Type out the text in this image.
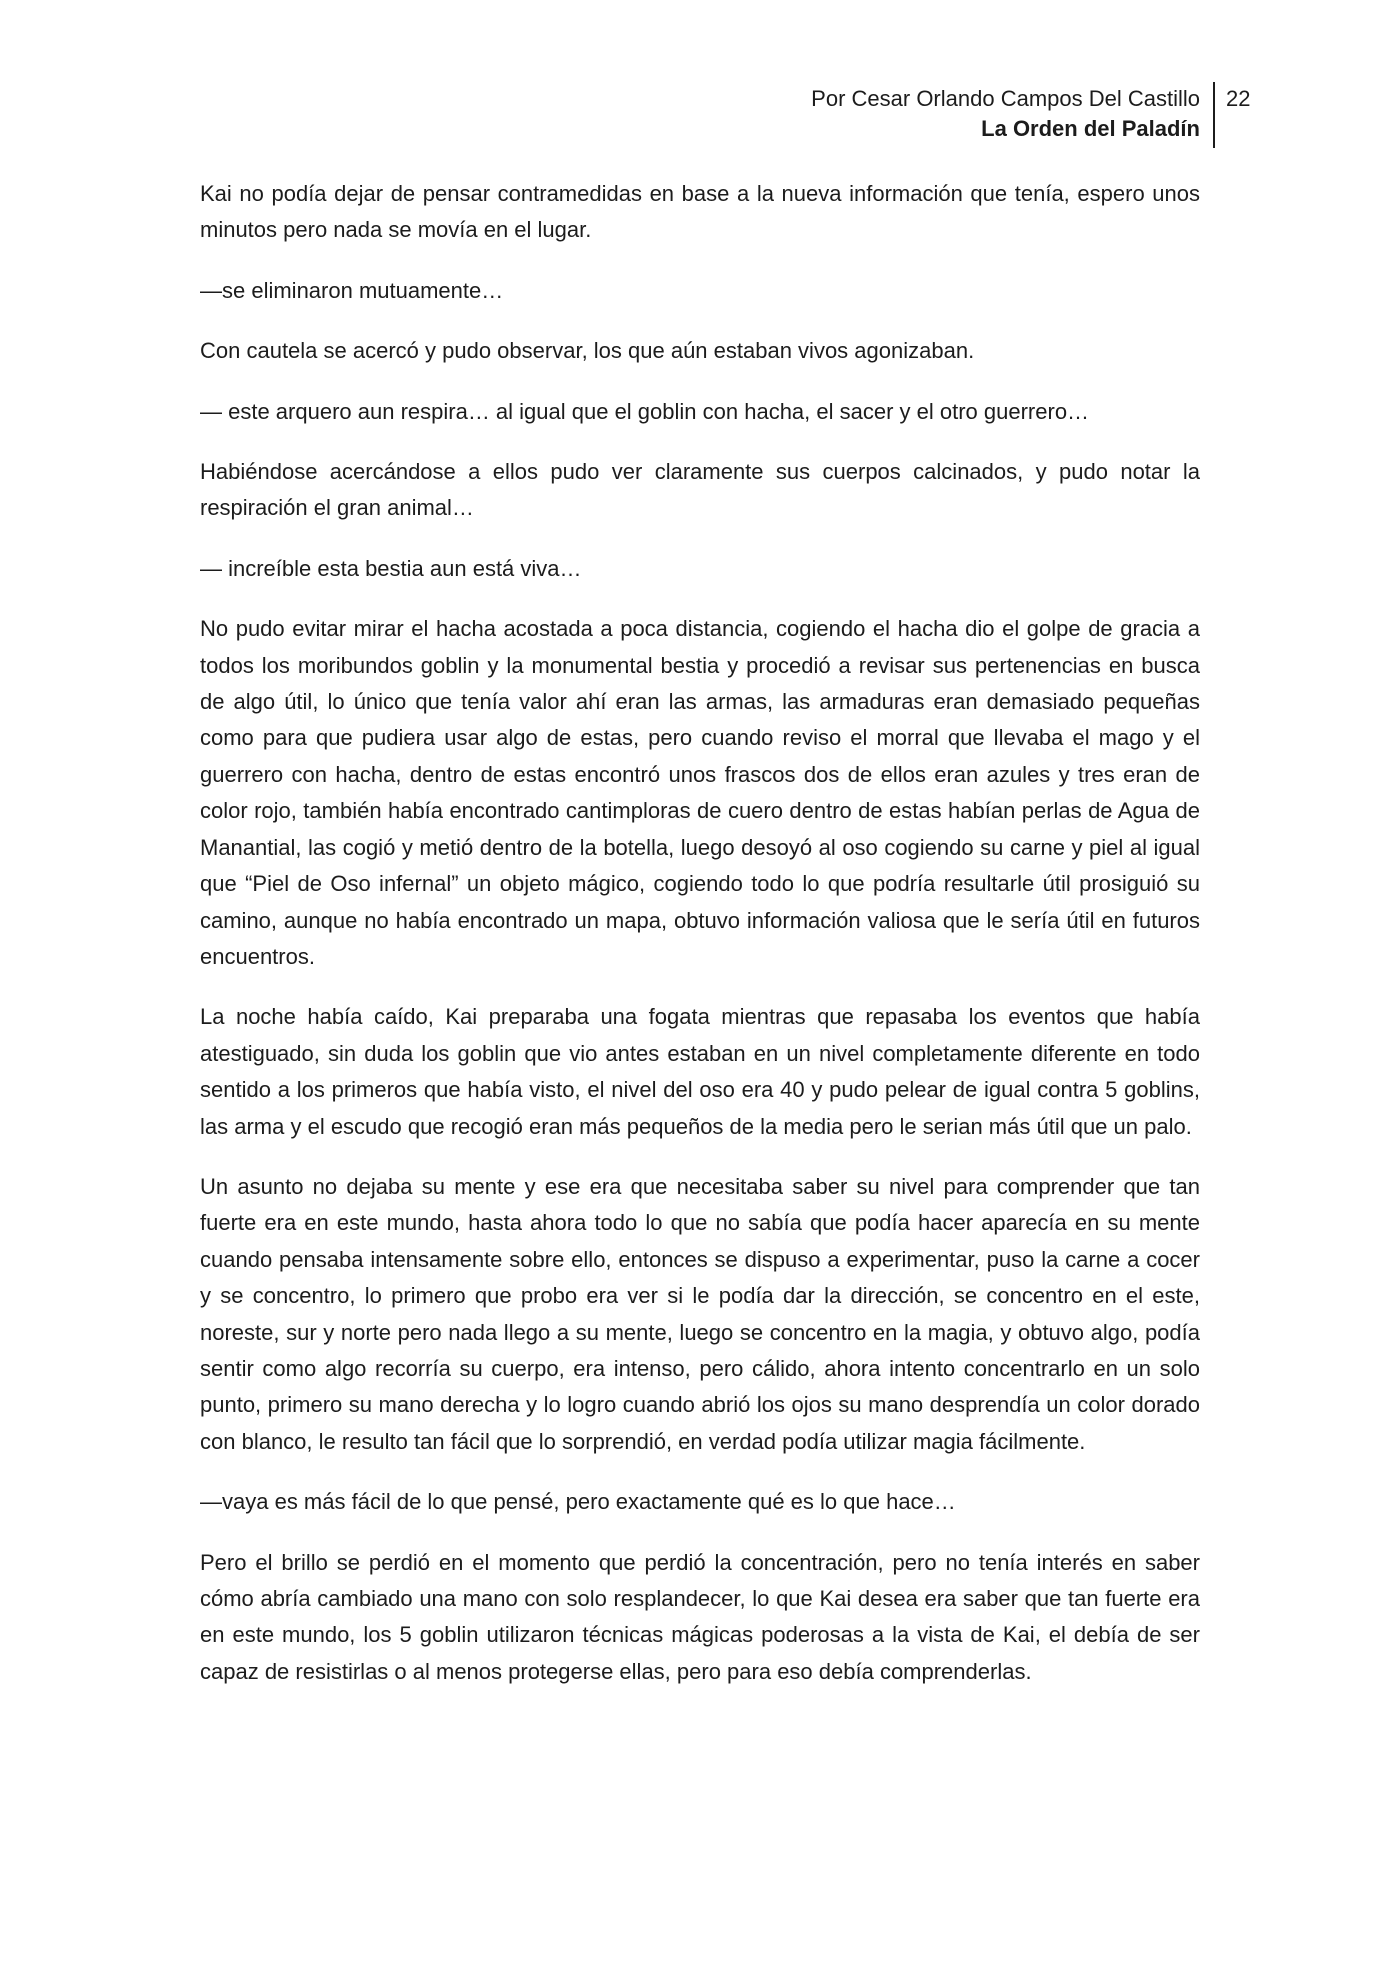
Por Cesar Orlando Campos Del Castillo
La Orden del Paladín
22

Kai no podía dejar de pensar contramedidas en base a la nueva información que tenía, espero unos minutos pero nada se movía en el lugar.

—se eliminaron mutuamente…

Con cautela se acercó y pudo observar, los que aún estaban vivos agonizaban.

— este arquero aun respira… al igual que el goblin con hacha, el sacer y el otro guerrero…

Habiéndose acercándose a ellos pudo ver claramente sus cuerpos calcinados, y pudo notar la respiración el gran animal…

— increíble esta bestia aun está viva…

No pudo evitar mirar el hacha acostada a poca distancia, cogiendo el hacha dio el golpe de gracia a todos los moribundos goblin y la monumental bestia y procedió a revisar sus pertenencias en busca de algo útil, lo único que tenía valor ahí eran las armas, las armaduras eran demasiado pequeñas como para que pudiera usar algo de estas, pero cuando reviso el morral que llevaba el mago y el guerrero con hacha, dentro de estas encontró unos frascos dos de ellos eran azules y tres eran de color rojo, también había encontrado cantimploras de cuero dentro de estas habían perlas de Agua de Manantial, las cogió y metió dentro de la botella, luego desoyó al oso cogiendo su carne y piel al igual que “Piel de Oso infernal” un objeto mágico, cogiendo todo lo que podría resultarle útil prosiguió su camino, aunque no había encontrado un mapa, obtuvo información valiosa que le sería útil en futuros encuentros.

La noche había caído, Kai preparaba una fogata mientras que repasaba los eventos que había atestiguado, sin duda los goblin que vio antes estaban en un nivel completamente diferente en todo sentido a los primeros que había visto, el nivel del oso era 40 y pudo pelear de igual contra 5 goblins, las arma y el escudo que recogió eran más pequeños de la media pero le serian más útil que un palo.

Un asunto no dejaba su mente y ese era que necesitaba saber su nivel para comprender que tan fuerte era en este mundo, hasta ahora todo lo que no sabía que podía hacer aparecía en su mente cuando pensaba intensamente sobre ello, entonces se dispuso a experimentar, puso la carne a cocer y se concentro, lo primero que probo era ver si le podía dar la dirección, se concentro en el este, noreste, sur y norte pero nada llego a su mente, luego se concentro en la magia, y obtuvo algo, podía sentir como algo recorría su cuerpo, era intenso, pero cálido, ahora intento concentrarlo en un solo punto, primero su mano derecha y lo logro cuando abrió los ojos su mano desprendía un color dorado con blanco, le resulto tan fácil que lo sorprendió, en verdad podía utilizar magia fácilmente.

—vaya es más fácil de lo que pensé, pero exactamente qué es lo que hace…

Pero el brillo se perdió en el momento que perdió la concentración, pero no tenía interés en saber cómo abría cambiado una mano con solo resplandecer, lo que Kai desea era saber que tan fuerte era en este mundo, los 5 goblin utilizaron técnicas mágicas poderosas a la vista de Kai, el debía de ser capaz de resistirlas o al menos protegerse ellas, pero para eso debía comprenderlas.
